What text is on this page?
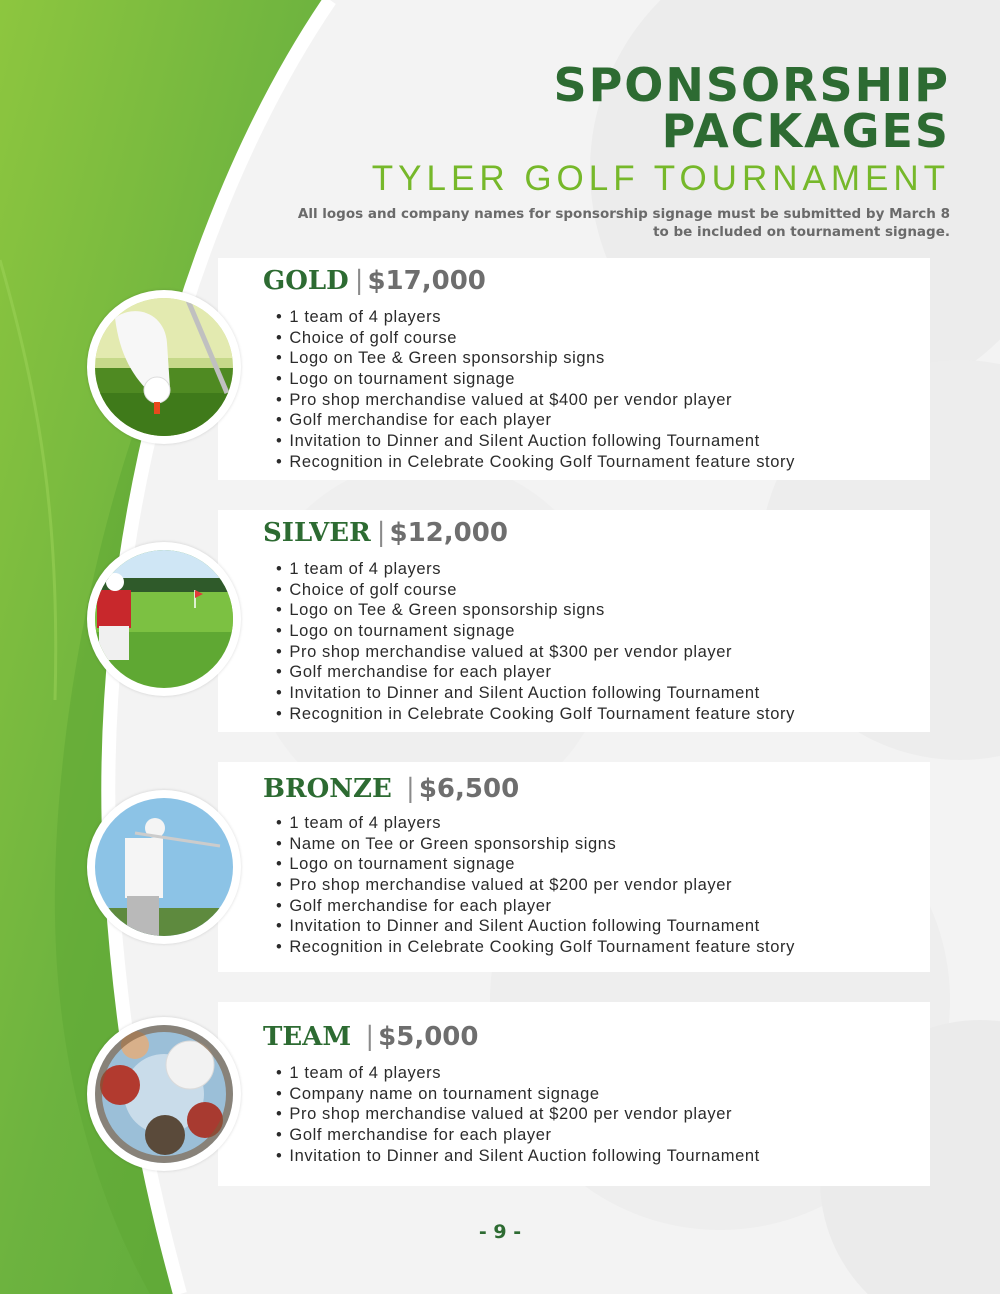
SPONSORSHIP
PACKAGES
TYLER GOLF TOURNAMENT
All logos and company names for sponsorship signage must be submitted by March 8 to be included on tournament signage.
GOLD | $17,000
• 1 team of 4 players
• Choice of golf course
• Logo on Tee & Green sponsorship signs
• Logo on tournament signage
• Pro shop merchandise valued at $400 per vendor player
• Golf merchandise for each player
• Invitation to Dinner and Silent Auction following Tournament
• Recognition in Celebrate Cooking Golf Tournament feature story
SILVER | $12,000
• 1 team of 4 players
• Choice of golf course
• Logo on Tee & Green sponsorship signs
• Logo on tournament signage
• Pro shop merchandise valued at $300 per vendor player
• Golf merchandise for each player
• Invitation to Dinner and Silent Auction following Tournament
• Recognition in Celebrate Cooking Golf Tournament feature story
BRONZE | $6,500
• 1 team of 4 players
• Name on Tee or Green sponsorship signs
• Logo on tournament signage
• Pro shop merchandise valued at $200 per vendor player
• Golf merchandise for each player
• Invitation to Dinner and Silent Auction following Tournament
• Recognition in Celebrate Cooking Golf Tournament feature story
TEAM | $5,000
• 1 team of 4 players
• Company name on tournament signage
• Pro shop merchandise valued at $200 per vendor player
• Golf merchandise for each player
• Invitation to Dinner and Silent Auction following Tournament
- 9 -
